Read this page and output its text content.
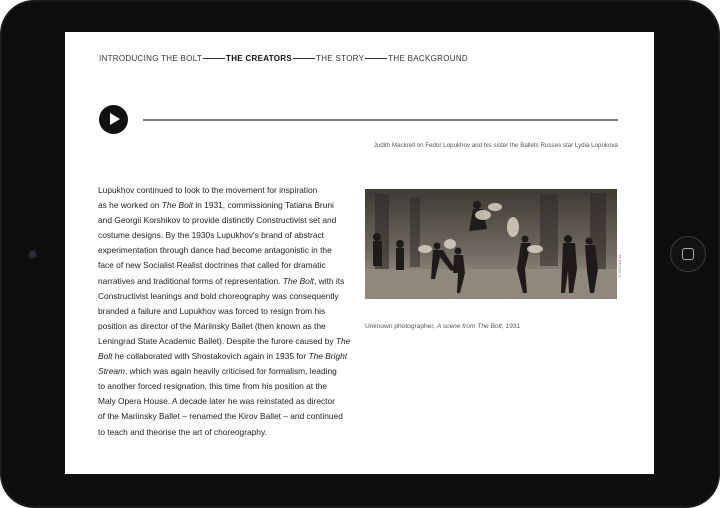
INTRODUCING THE BOLT	THE CREATORS	THE STORY	THE BACKGROUND
Judith Mackrell on Fedor Lopukhov and his sister the Ballets Russes star Lydia Lopokova
Lupukhov continued to look to the movement for inspiration
as he worked on The Bolt in 1931, commissioning Tatiana Bruni
and Georgii Korshikov to provide distinctly Constructivist set and
costume designs. By the 1930s Lupukhov's brand of abstract
experimentation through dance had become antagonistic in the
face of new Socialist Realist doctrines that called for dramatic
narratives and traditional forms of representation. The Bolt, with its
Constructivist leanings and bold choreography was consequently
branded a failure and Lupukhov was forced to resign from his
position as director of the Mariinsky Ballet (then known as the
Leningrad State Academic Ballet). Despite the furore caused by The
Bolt he collaborated with Shostakovich again in 1935 for The Bright
Stream, which was again heavily criticised for formalism, leading
to another forced resignation, this time from his position at the
Maly Opera House. A decade later he was reinstated as director
of the Mariinsky Ballet – renamed the Kirov Ballet – and continued
to teach and theorise the art of choreography.
© SPbGMTiMI
Unknown photographer, A scene from The Bolt, 1931
